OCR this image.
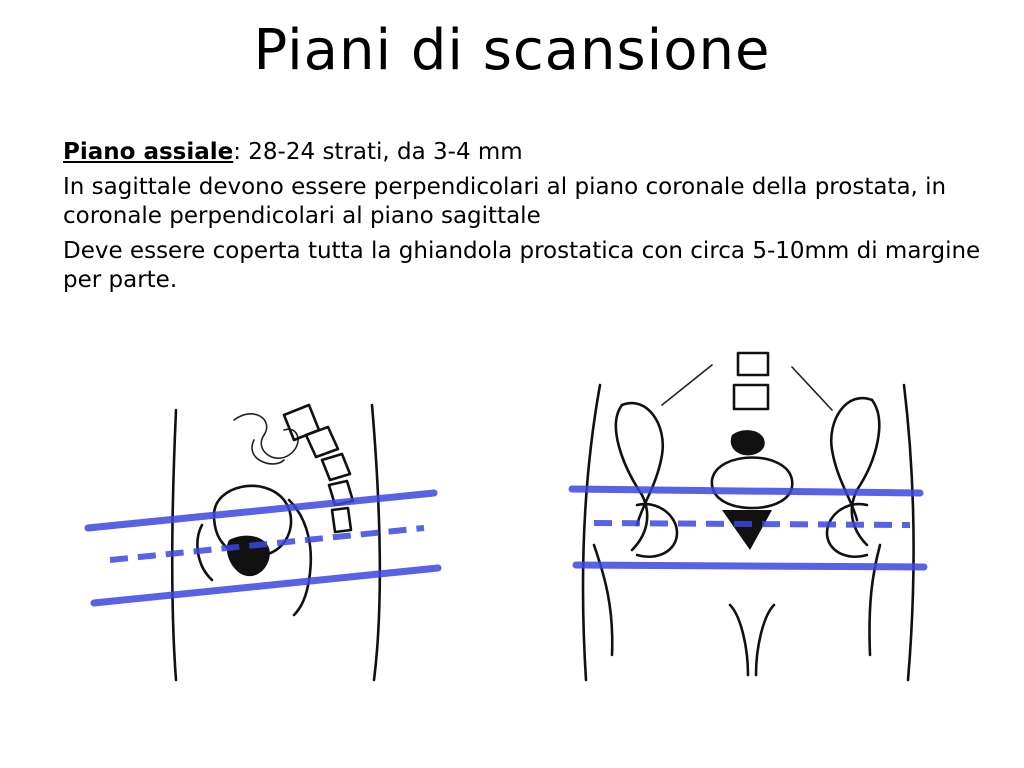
Piani di scansione

Piano assiale: 28-24 strati, da 3-4 mm

In sagittale devono essere perpendicolari al piano coronale della prostata, in coronale perpendicolari al piano sagittale

Deve essere coperta tutta la ghiandola prostatica con circa 5-10mm di margine per parte.
